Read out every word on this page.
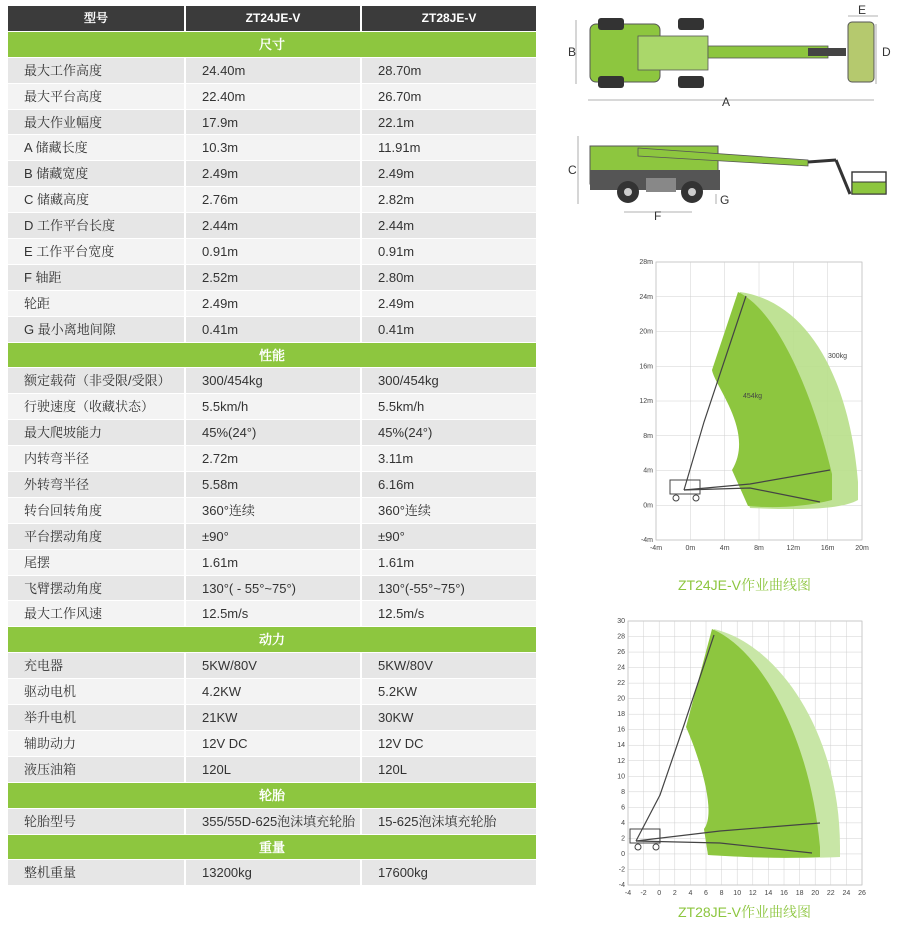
型号	ZT24JE-V	ZT28JE-V
尺寸
最大工作高度	24.40m	28.70m
最大平台高度	22.40m	26.70m
最大作业幅度	17.9m	22.1m
A 储藏长度	10.3m	11.91m
B 储藏宽度	2.49m	2.49m
C 储藏高度	2.76m	2.82m
D 工作平台长度	2.44m	2.44m
E 工作平台宽度	0.91m	0.91m
F 轴距	2.52m	2.80m
轮距	2.49m	2.49m
G 最小离地间隙	0.41m	0.41m
性能
额定载荷（非受限/受限）	300/454kg	300/454kg
行驶速度（收藏状态）	5.5km/h	5.5km/h
最大爬坡能力	45%(24°)	45%(24°)
内转弯半径	2.72m	3.11m
外转弯半径	5.58m	6.16m
转台回转角度	360°连续	360°连续
平台摆动角度	±90°	±90°
尾摆	1.61m	1.61m
飞臂摆动角度	130°( - 55°~75°)	130°(-55°~75°)
最大工作风速	12.5m/s	12.5m/s
动力
充电器	5KW/80V	5KW/80V
驱动电机	4.2KW	5.2KW
举升电机	21KW	30KW
辅助动力	12V DC	12V DC
液压油箱	120L	120L
轮胎
轮胎型号	355/55D-625泡沫填充轮胎	15-625泡沫填充轮胎
重量
整机重量	13200kg	17600kg
B	D
E
A
C
F
G
300kg
454kg
28m
24m
20m
16m
12m
8m
4m
0m
-4m
-4m	0m	4m	8m	12m	16m	20m
ZT24JE-V作业曲线图
30
28
26
24
22
20
18
16
14
12
10
8
6
4
2
0
-2
-4
-4 -2 0 2 4 6 8 10 12 14 16 18 20 22 24 26
ZT28JE-V作业曲线图
